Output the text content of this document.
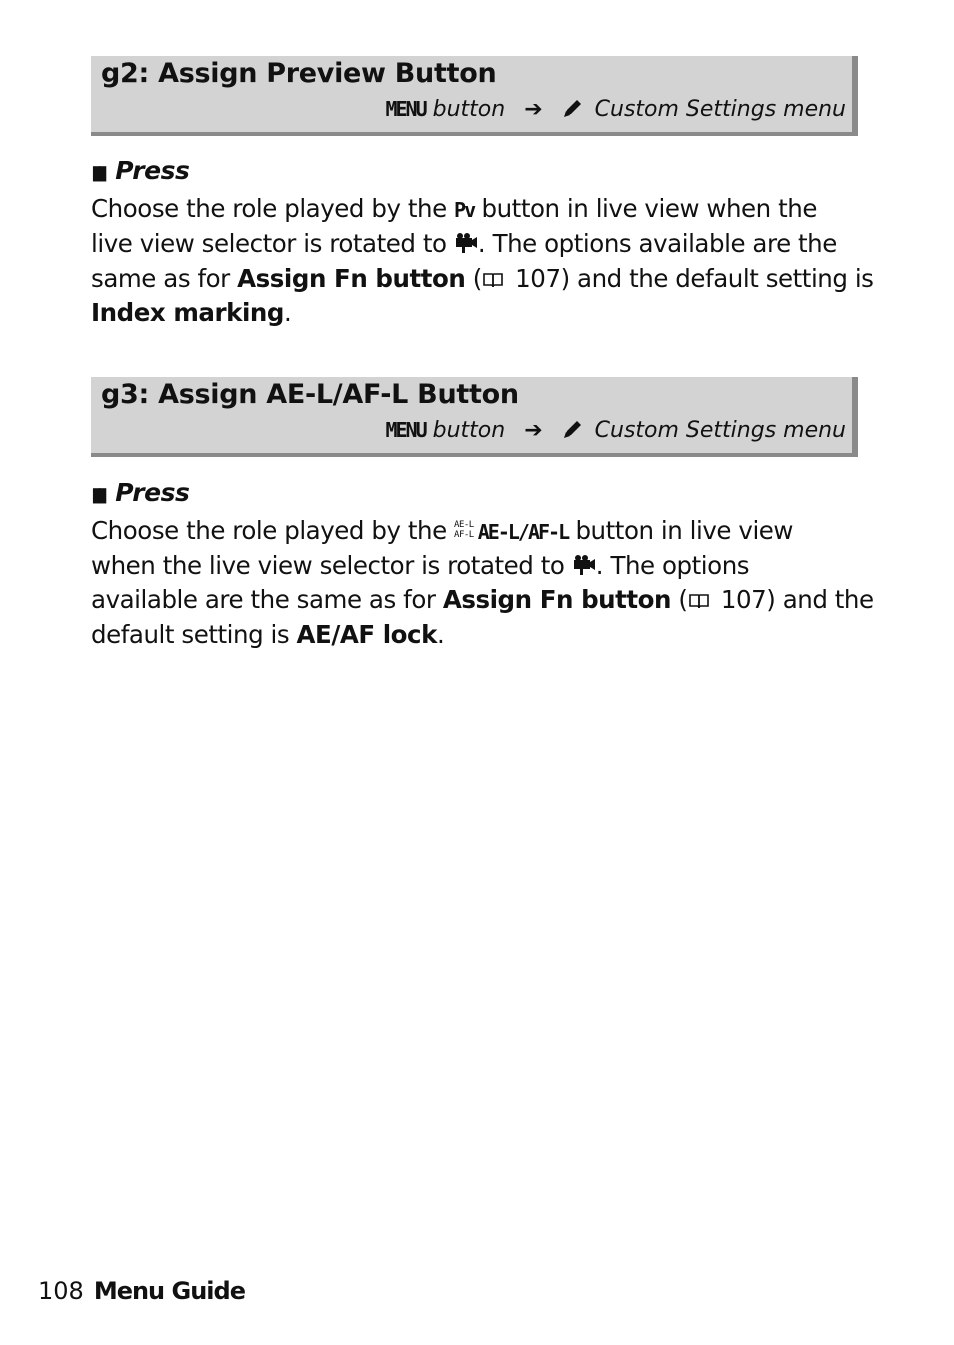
g2: Assign Preview Button
MENU button ➔ Custom Settings menu
▮▮ Press
Choose the role played by the Pv button in live view when the
live view selector is rotated to . The options available are the
same as for Assign Fn button ( 107) and the default setting is
Index marking.
g3: Assign AE-L/AF-L Button
MENU button ➔ Custom Settings menu
▮▮ Press
Choose the role played by the AE-L
AF-L AE-L/AF-L button in live view
when the live view selector is rotated to . The options
available are the same as for Assign Fn button ( 107) and the
default setting is AE/AF lock.
108 Menu Guide
